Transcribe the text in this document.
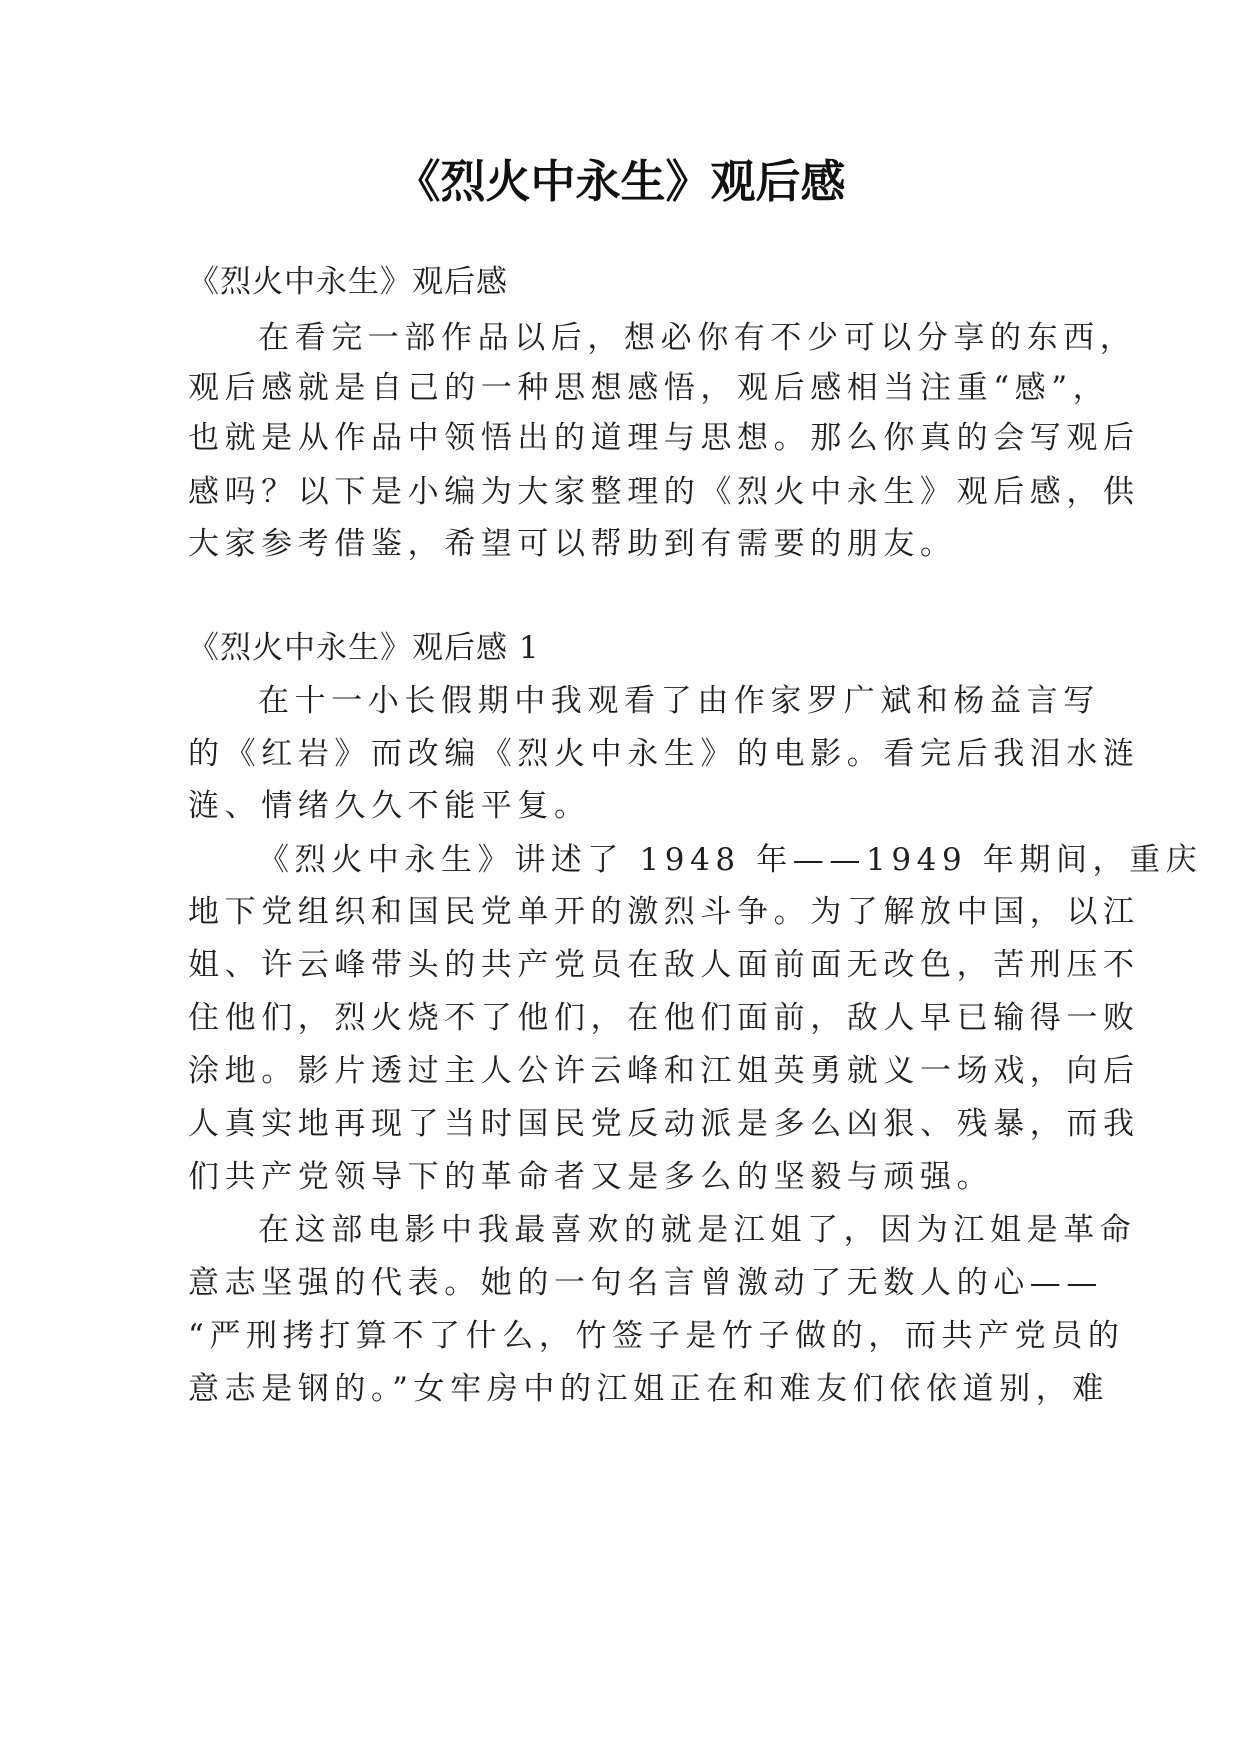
《烈火中永生》观后感
《烈火中永生》观后感
在看完一部作品以后，想必你有不少可以分享的东西，
观后感就是自己的一种思想感悟，观后感相当注重“感”，
也就是从作品中领悟出的道理与思想。那么你真的会写观后
感吗？以下是小编为大家整理的《烈火中永生》观后感，供
大家参考借鉴，希望可以帮助到有需要的朋友。
《烈火中永生》观后感 1
在十一小长假期中我观看了由作家罗广斌和杨益言写
的《红岩》而改编《烈火中永生》的电影。看完后我泪水涟
涟、情绪久久不能平复。
《烈火中永生》讲述了 1948 年——1949 年期间，重庆
地下党组织和国民党单开的激烈斗争。为了解放中国，以江
姐、许云峰带头的共产党员在敌人面前面无改色，苦刑压不
住他们，烈火烧不了他们，在他们面前，敌人早已输得一败
涂地。影片透过主人公许云峰和江姐英勇就义一场戏，向后
人真实地再现了当时国民党反动派是多么凶狠、残暴，而我
们共产党领导下的革命者又是多么的坚毅与顽强。
在这部电影中我最喜欢的就是江姐了，因为江姐是革命
意志坚强的代表。她的一句名言曾激动了无数人的心——
“严刑拷打算不了什么，竹签子是竹子做的，而共产党员的
意志是钢的。”女牢房中的江姐正在和难友们依依道别，难
